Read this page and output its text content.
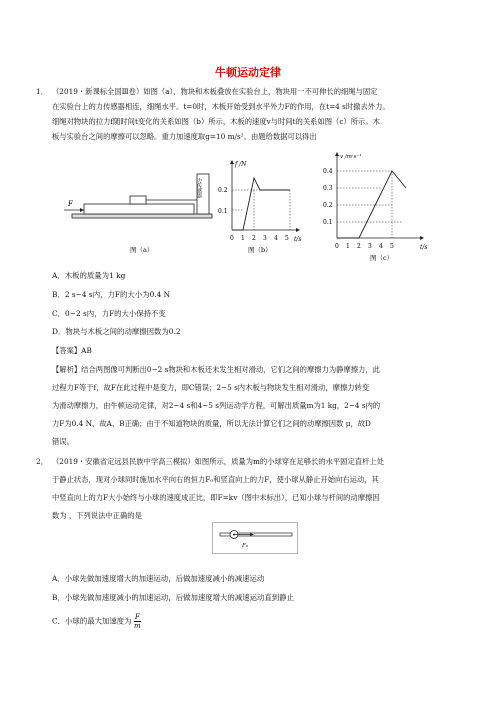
牛顿运动定律
1． （2019・新课标全国Ⅲ卷）如图（a），物块和木板叠放在实验台上，物块用一不可伸长的细绳与固定
在实验台上的力传感器相连，细绳水平。t=0时，木板开始受到水平外力F的作用，在t=4 s时撤去外力。
细绳对物块的拉力f随时间t变化的关系如图（b）所示，木板的速度v与时间t的关系如图（c）所示。木
板与实验台之间的摩擦可以忽略。重力加速度取g=10 m/s²。由题给数据可以得出
力传感器
F
图（a）
f /N
t/s
0.2
0.1
0 1 2 3 4 5
图（b）
v /m·s⁻¹
t/s
0.4
0.3
0.2
0.1
0 1 2 3 4 5
图（c）
A．木板的质量为1 kg
B．2 s~4 s内，力F的大小为0.4 N
C．0~2 s内，力F的大小保持不变
D．物块与木板之间的动摩擦因数为0.2
【答案】AB
【解析】结合两图像可判断出0~2 s物块和木板还未发生相对滑动，它们之间的摩擦力为静摩擦力，此
过程力F等于f，故F在此过程中是变力，即C错误；2~5 s内木板与物块发生相对滑动，摩擦力转变
为滑动摩擦力，由牛顿运动定律，对2~4 s和4~5 s列运动学方程，可解出质量m为1 kg，2~4 s内的
力F为0.4 N，故A、B正确；由于不知道物块的质量，所以无法计算它们之间的动摩擦因数 μ，故D
错误。
2． （2019・安徽省定远县民族中学高三模拟）如图所示，质量为m的小球穿在足够长的水平固定直杆上处
于静止状态，现对小球同时施加水平向右的恒力F₀和竖直向上的力F，使小球从静止开始向右运动，其
中竖直向上的力F大小始终与小球的速度成正比，即F=kv（图中未标出），已知小球与杆间的动摩擦因
数为 ，下列说法中正确的是
F₀
A．小球先做加速度增大的加速运动，后做加速度减小的减速运动
B．小球先做加速度减小的加速运动，后做加速度增大的减速运动直到静止
C．小球的最大加速度为 $\frac{F}{m}$
